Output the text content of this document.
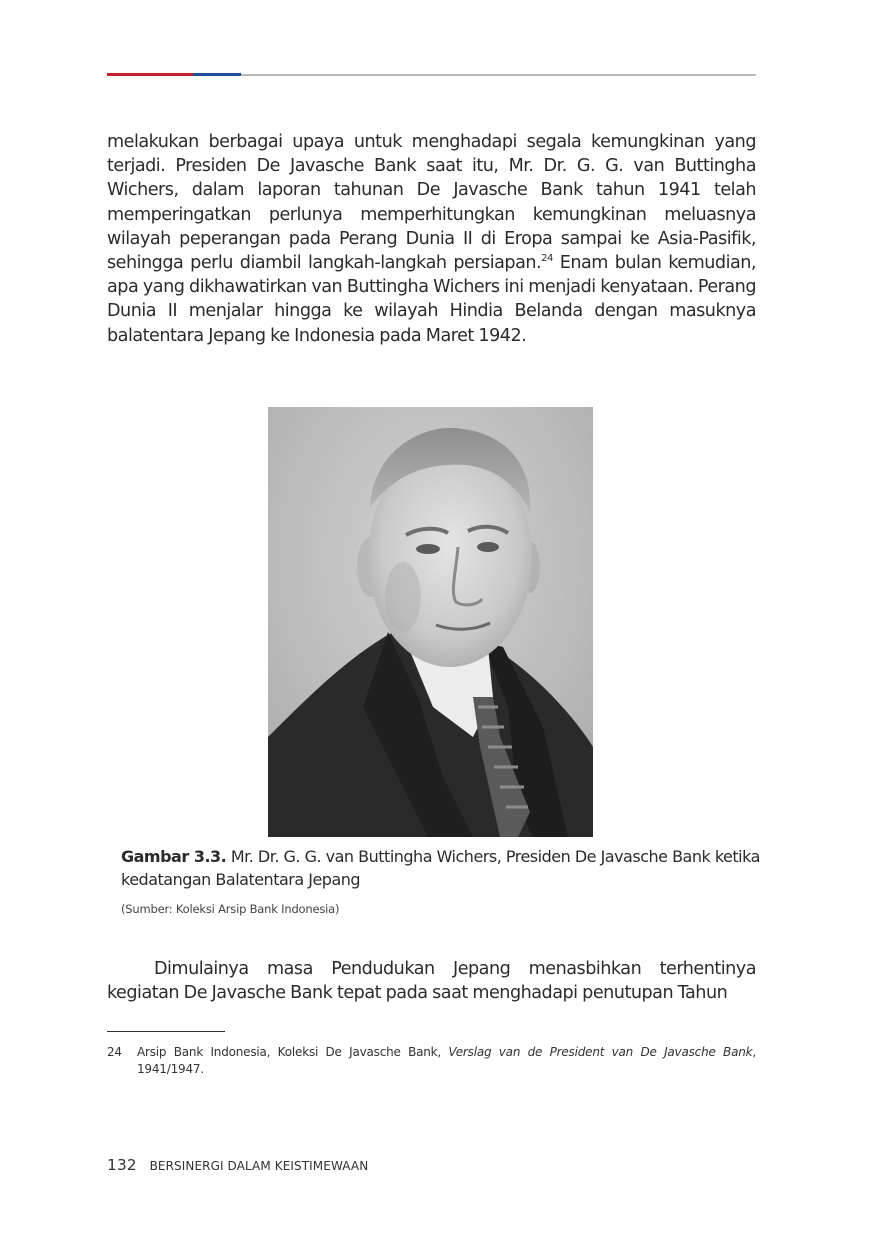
melakukan berbagai upaya untuk menghadapi segala kemungkinan yang terjadi. Presiden De Javasche Bank saat itu, Mr. Dr. G. G. van Buttingha Wichers, dalam laporan tahunan De Javasche Bank tahun 1941 telah memperingatkan perlunya memperhitungkan kemungkinan meluasnya wilayah peperangan pada Perang Dunia II di Eropa sampai ke Asia-Pasifik, sehingga perlu diambil langkah-langkah persiapan.$^{24}$ Enam bulan kemudian, apa yang dikhawatirkan van Buttingha Wichers ini menjadi kenyataan. Perang Dunia II menjalar hingga ke wilayah Hindia Belanda dengan masuknya balatentara Jepang ke Indonesia pada Maret 1942.

Gambar 3.3. Mr. Dr. G. G. van Buttingha Wichers, Presiden De Javasche Bank ketika kedatangan Balatentara Jepang

(Sumber: Koleksi Arsip Bank Indonesia)

Dimulainya masa Pendudukan Jepang menasbihkan terhentinya kegiatan De Javasche Bank tepat pada saat menghadapi penutupan Tahun

24	Arsip Bank Indonesia, Koleksi De Javasche Bank, Verslag van de President van De Javasche Bank, 1941/1947.
132 BERSINERGI DALAM KEISTIMEWAAN
